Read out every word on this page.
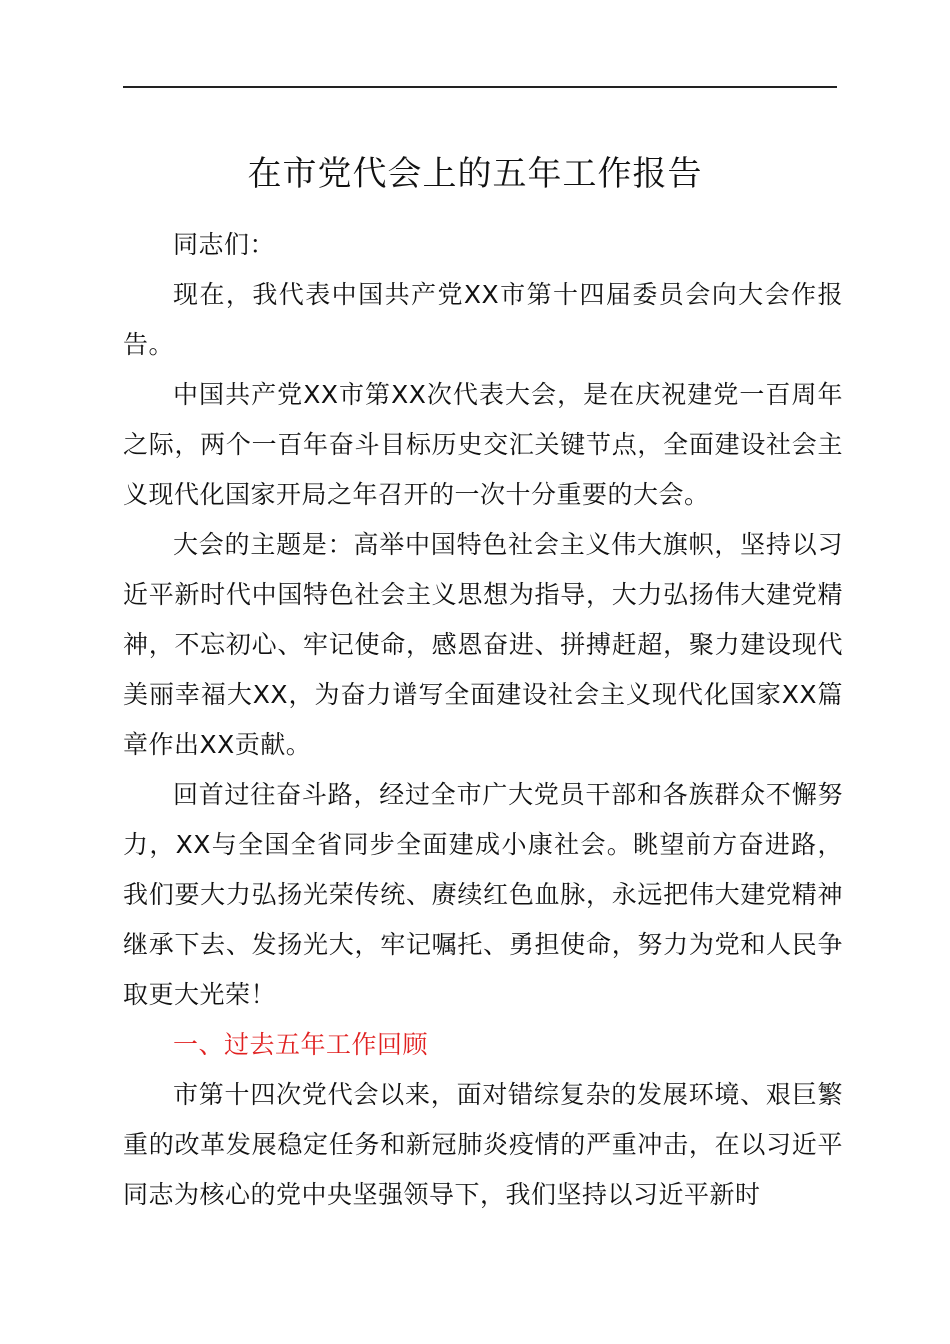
在市党代会上的五年工作报告

同志们：

现在，我代表中国共产党XX市第十四届委员会向大会作报告。

中国共产党XX市第XX次代表大会，是在庆祝建党一百周年之际，两个一百年奋斗目标历史交汇关键节点，全面建设社会主义现代化国家开局之年召开的一次十分重要的大会。

大会的主题是：高举中国特色社会主义伟大旗帜，坚持以习近平新时代中国特色社会主义思想为指导，大力弘扬伟大建党精神，不忘初心、牢记使命，感恩奋进、拼搏赶超，聚力建设现代美丽幸福大XX，为奋力谱写全面建设社会主义现代化国家XX篇章作出XX贡献。

回首过往奋斗路，经过全市广大党员干部和各族群众不懈努力，XX与全国全省同步全面建成小康社会。眺望前方奋进路，我们要大力弘扬光荣传统、赓续红色血脉，永远把伟大建党精神继承下去、发扬光大，牢记嘱托、勇担使命，努力为党和人民争取更大光荣！

一、过去五年工作回顾

市第十四次党代会以来，面对错综复杂的发展环境、艰巨繁重的改革发展稳定任务和新冠肺炎疫情的严重冲击，在以习近平同志为核心的党中央坚强领导下，我们坚持以习近平新时
